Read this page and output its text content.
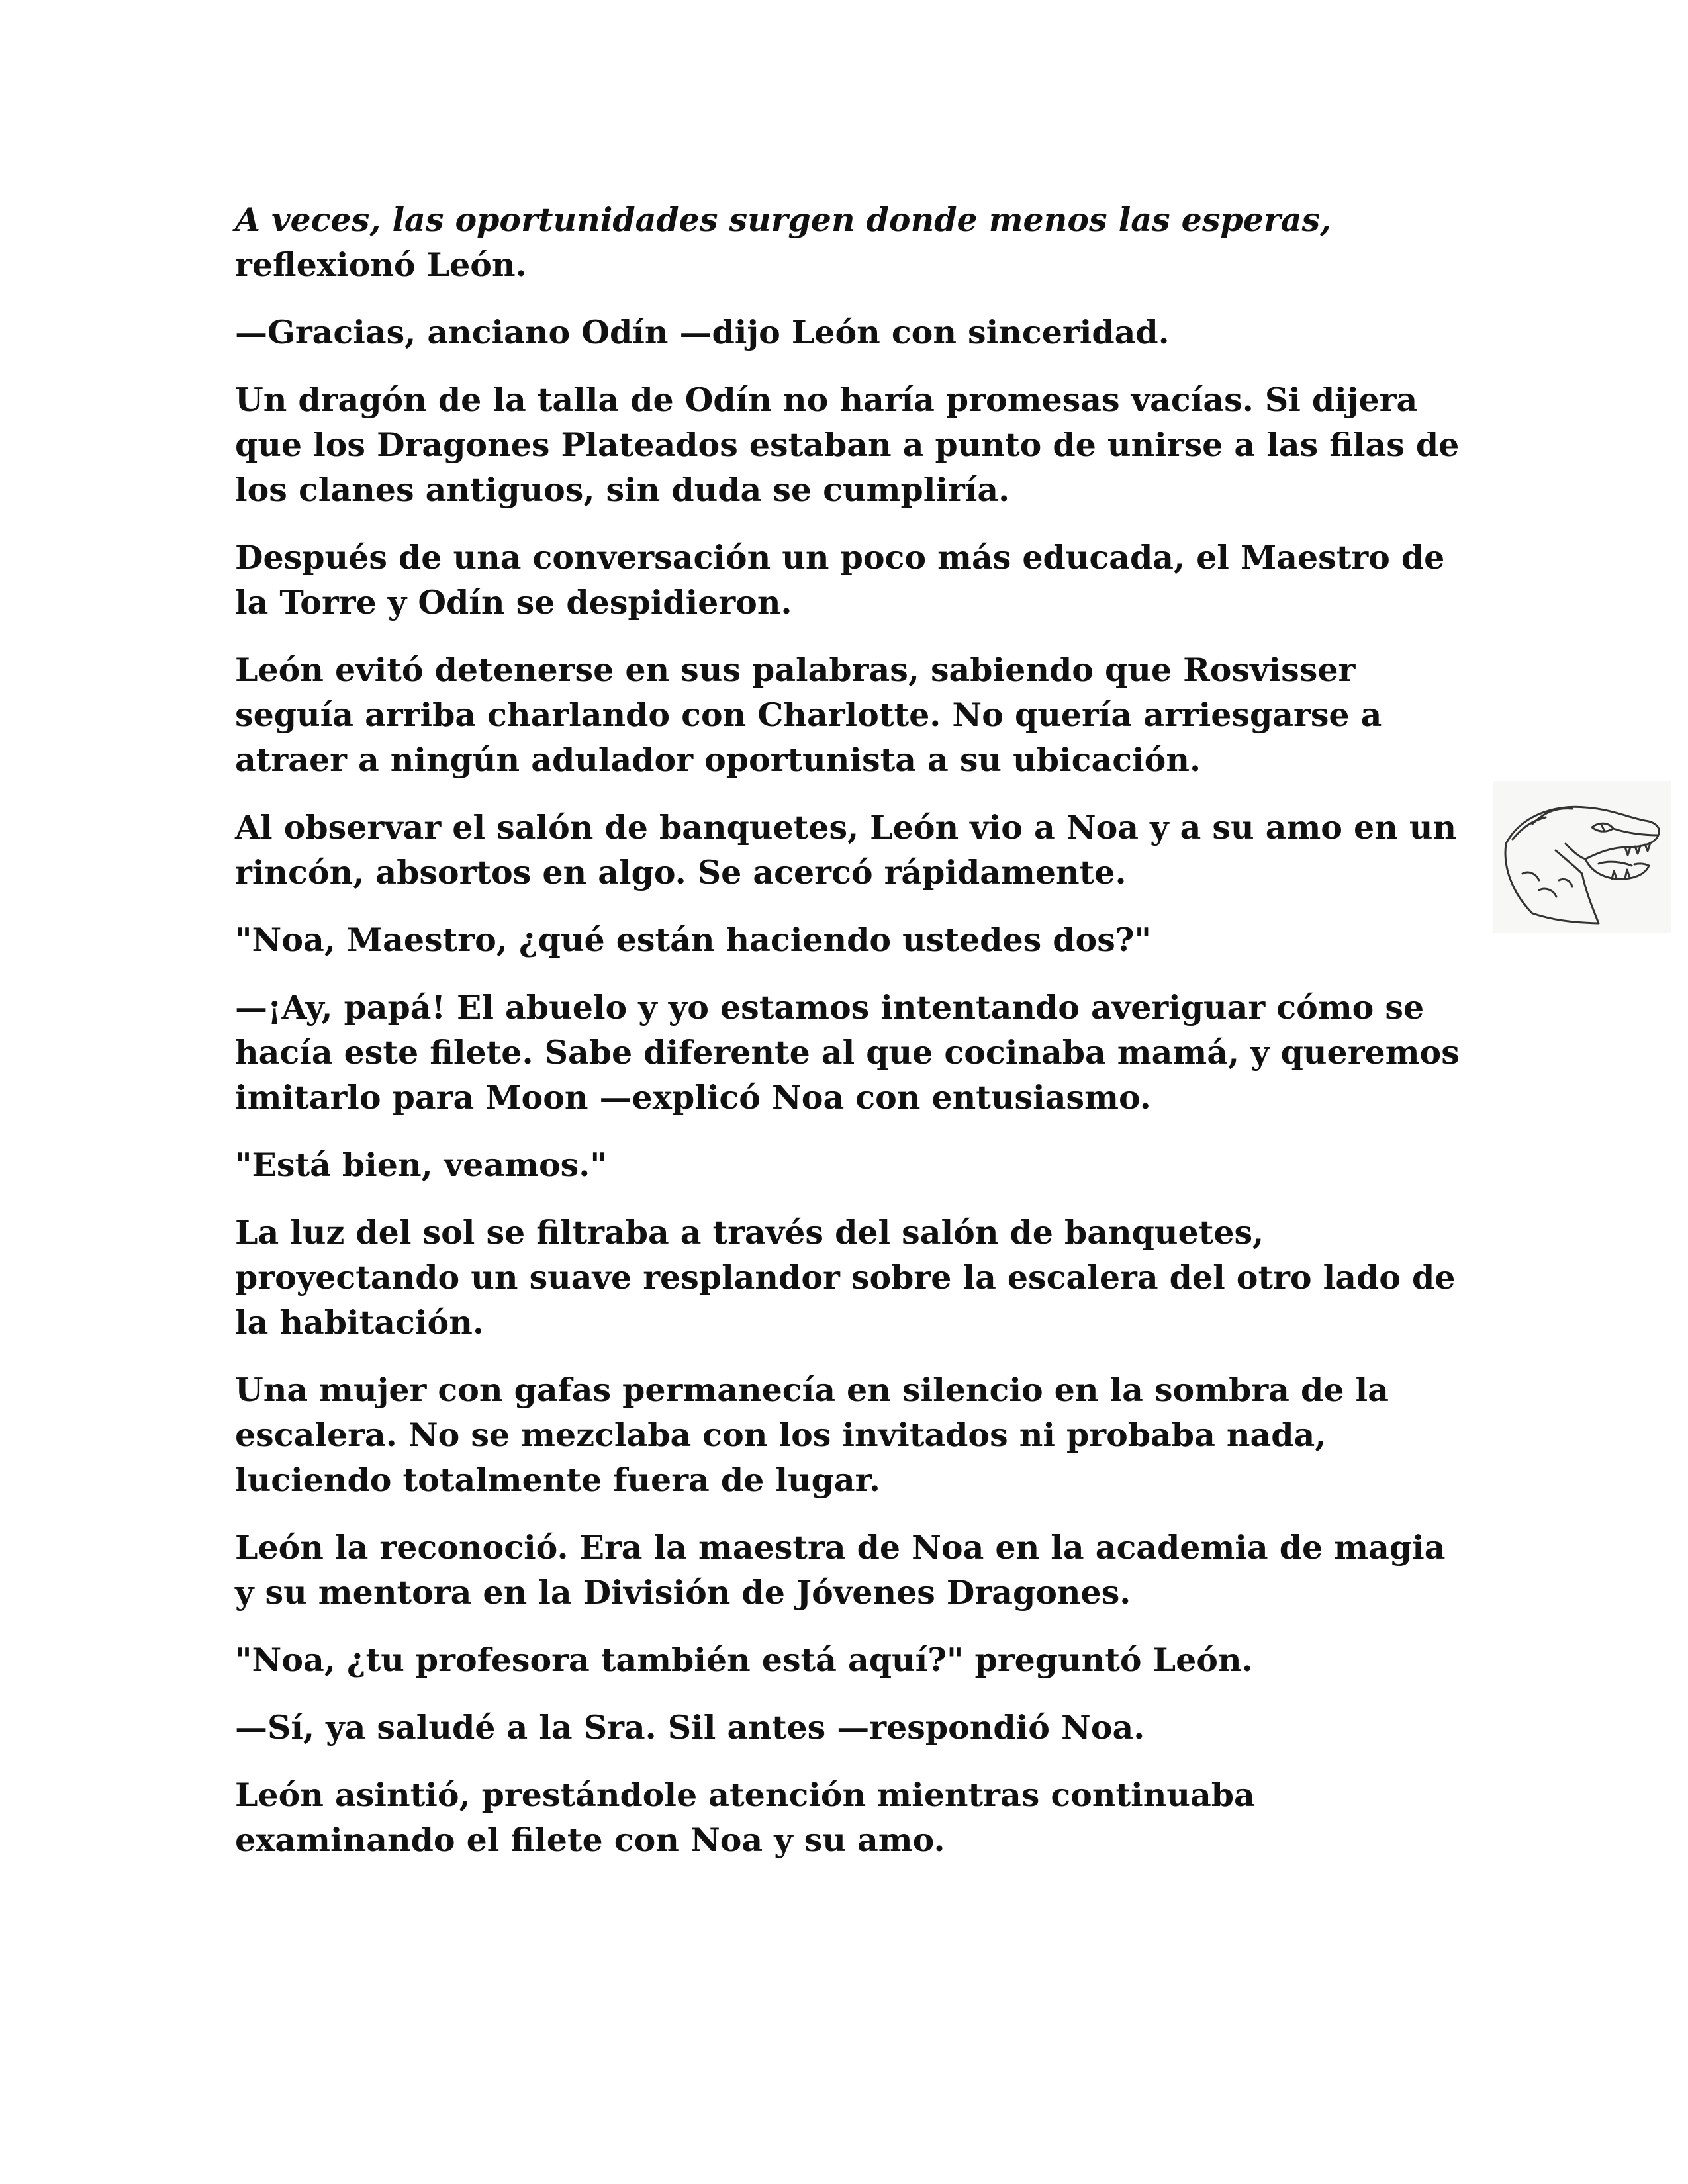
A veces, las oportunidades surgen donde menos las esperas, reflexionó León.

—Gracias, anciano Odín —dijo León con sinceridad.

Un dragón de la talla de Odín no haría promesas vacías. Si dijera que los Dragones Plateados estaban a punto de unirse a las filas de los clanes antiguos, sin duda se cumpliría.

Después de una conversación un poco más educada, el Maestro de la Torre y Odín se despidieron.

León evitó detenerse en sus palabras, sabiendo que Rosvisser seguía arriba charlando con Charlotte. No quería arriesgarse a atraer a ningún adulador oportunista a su ubicación.

Al observar el salón de banquetes, León vio a Noa y a su amo en un rincón, absortos en algo. Se acercó rápidamente.

"Noa, Maestro, ¿qué están haciendo ustedes dos?"

—¡Ay, papá! El abuelo y yo estamos intentando averiguar cómo se hacía este filete. Sabe diferente al que cocinaba mamá, y queremos imitarlo para Moon —explicó Noa con entusiasmo.

"Está bien, veamos."

La luz del sol se filtraba a través del salón de banquetes, proyectando un suave resplandor sobre la escalera del otro lado de la habitación.

Una mujer con gafas permanecía en silencio en la sombra de la escalera. No se mezclaba con los invitados ni probaba nada, luciendo totalmente fuera de lugar.

León la reconoció. Era la maestra de Noa en la academia de magia y su mentora en la División de Jóvenes Dragones.

"Noa, ¿tu profesora también está aquí?" preguntó León.

—Sí, ya saludé a la Sra. Sil antes —respondió Noa.

León asintió, prestándole atención mientras continuaba examinando el filete con Noa y su amo.
